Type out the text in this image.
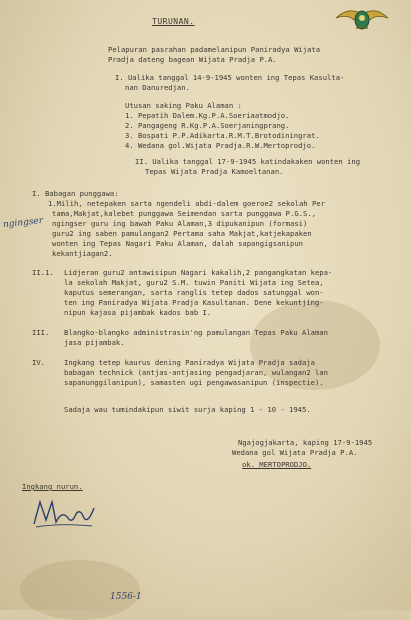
TURUNAN.
Pelapuran pasrahan padamelanipun Paniradya Wijata
Pradja dateng bagean Wijata Pradja P.A.
I. Ualika tanggal 14-9-1945 wonten ing Tepas Kasulta-
nan Danuredjan.
Utusan saking Paku Alaman :
1. Pepatih Dalem.Kg.P.A.Soeriaatmodjo.
2. Pangageng R.Kg.P.A.Soerjaningprang.
3. Bospati P.P.Adikarta.R.M.T.Brotodiningrat.
4. Wedana gol.Wijata Pradja.R.W.Mertoprodjo.
II. Ualika tanggal 17-9-1945 katindakaken wonten ing
Tepas Wijata Pradja Kamoeltanan.
I. Babagan punggawa:
1.Milih, netepaken sarta ngendeli abdi-dalem goeroe2 sekolah Per
tama,Makjat,kalebet punggawa Seimendan sarta punggawa P.G.S.,
ngingser guru ing bawah Paku Alaman,3 dipukanipun (formasi)
guru2 ing saben pamulangan2 Pertama saha Makjat,katjekapaken
wonten ing Tepas Nagari Paku Alaman, dalah sapangigsanipun
kekantjiagan2.
ngingser
II.1. Lidjeran guru2 antawisipun Nagari kakalih,2 pangangkatan kepa-
la sekolah Makjat, guru2 S.M. tuwin Paniti Wijata ing Setea,
kaputus semerangan, sarta ranglis tetep dados satunggal won-
ten ing Paniradya Wijata Pradja Kasultanan. Dene kekuntjing-
nipun kajasa pijambak kados bab I.
III. Blangko-blangko administrasin'ng pamulangan Tepas Paku Alaman
jasa pijambak.
IV.	Ingkang tetep kaurus dening Paniradya Wijata Pradja sadaja
babagan technick (antjas-antjasing pengadjaran, wulangan2 lan
sapanunggilanipun), samasten ugi pengawasanipun (inspectie).
Sadaja wau tumindakipun siwit surja kaping 1 - 10 - 1945.
Ngajogjakarta, kaping 17-9-1945
Wedana gol Wijata Pradja P.A.
ok. MERTOPRODJO.
Ingkang nurun.
1556-1
